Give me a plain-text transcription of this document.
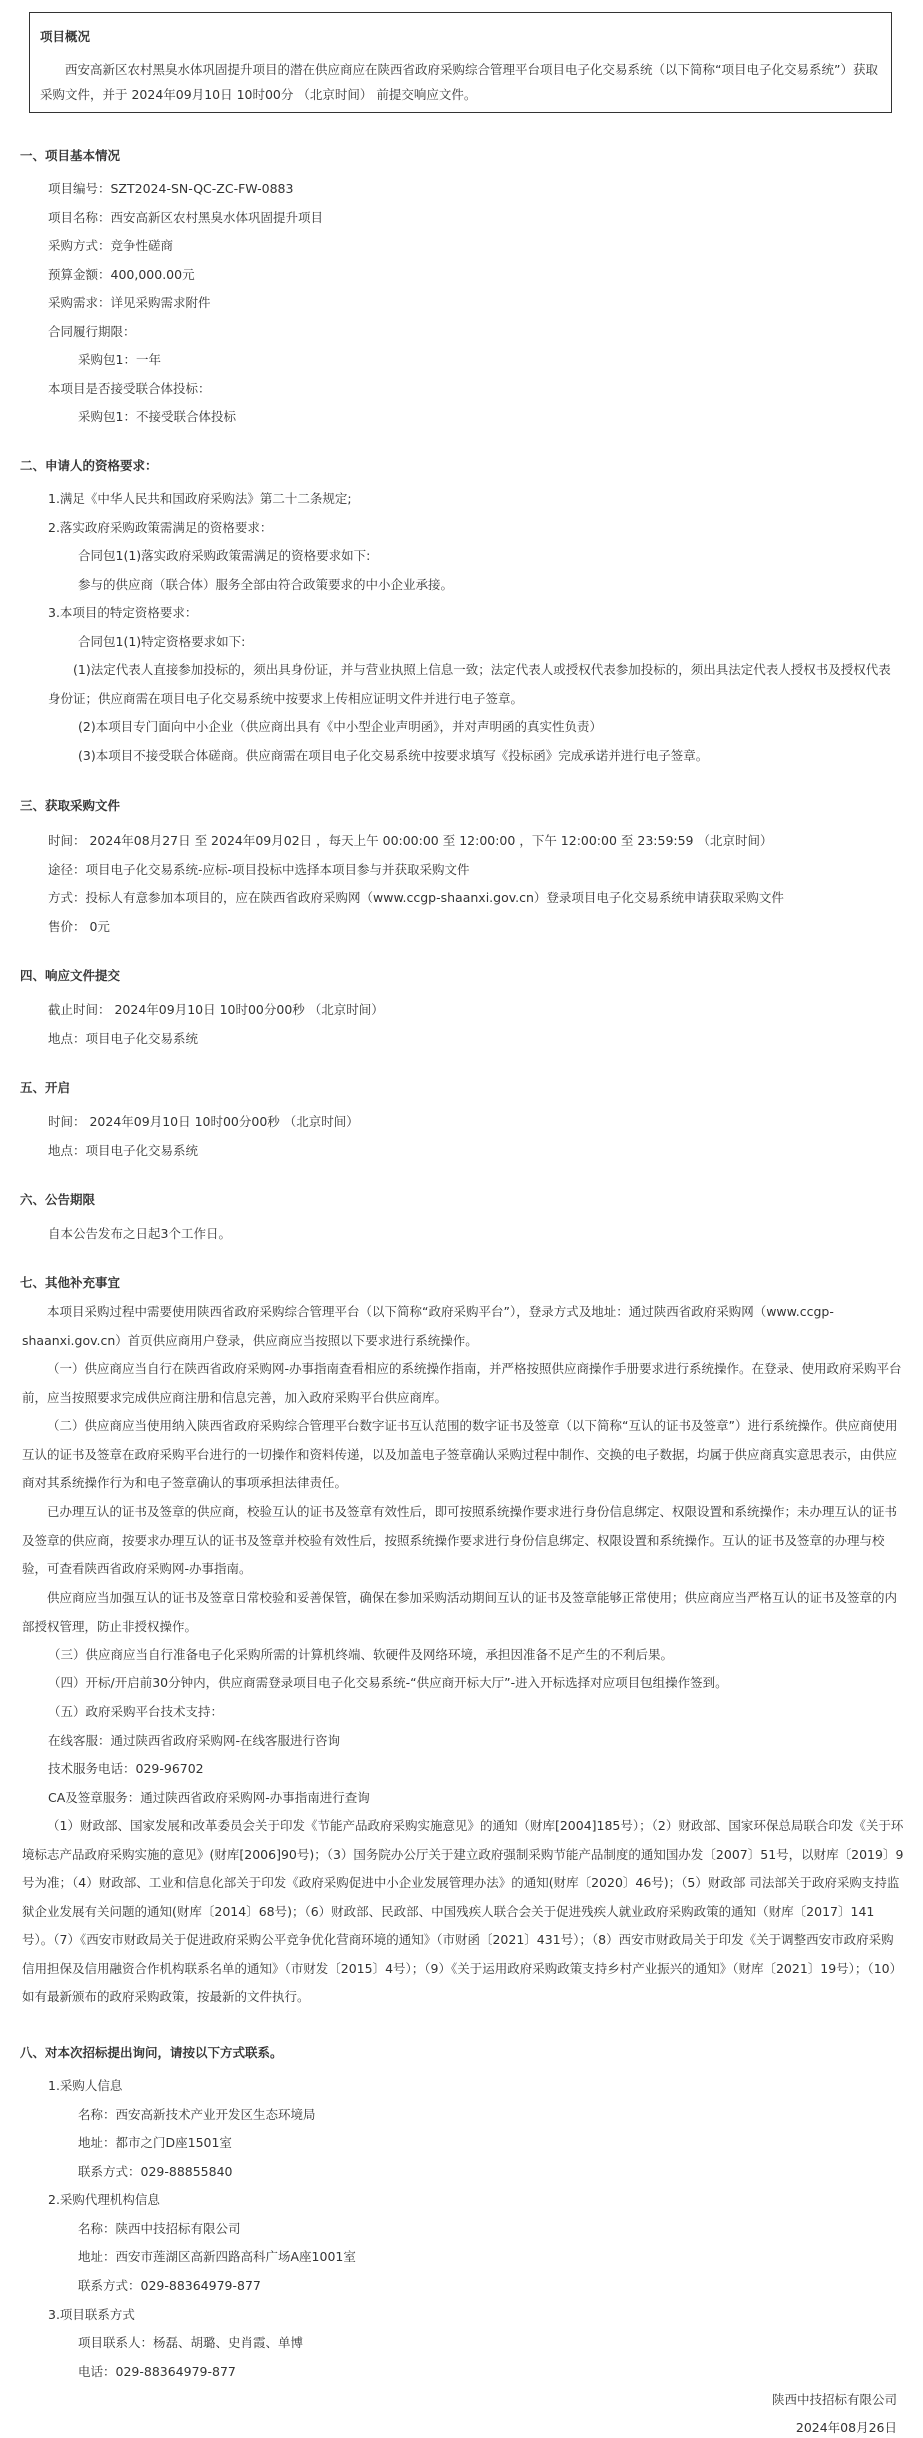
项目概况
西安高新区农村黑臭水体巩固提升项目的潜在供应商应在陕西省政府采购综合管理平台项目电子化交易系统（以下简称“项目电子化交易系统”）获取采购文件，并于 2024年09月10日 10时00分 （北京时间） 前提交响应文件。
一、项目基本情况
项目编号：SZT2024-SN-QC-ZC-FW-0883
项目名称：西安高新区农村黑臭水体巩固提升项目
采购方式：竞争性磋商
预算金额：400,000.00元
采购需求：详见采购需求附件
合同履行期限：
采购包1：一年
本项目是否接受联合体投标：
采购包1：不接受联合体投标
二、申请人的资格要求：
1.满足《中华人民共和国政府采购法》第二十二条规定;
2.落实政府采购政策需满足的资格要求：
合同包1(1)落实政府采购政策需满足的资格要求如下:
参与的供应商（联合体）服务全部由符合政策要求的中小企业承接。
3.本项目的特定资格要求：
合同包1(1)特定资格要求如下:
(1)法定代表人直接参加投标的，须出具身份证，并与营业执照上信息一致；法定代表人或授权代表参加投标的，须出具法定代表人授权书及授权代表身份证；供应商需在项目电子化交易系统中按要求上传相应证明文件并进行电子签章。
(2)本项目专门面向中小企业（供应商出具有《中小型企业声明函》，并对声明函的真实性负责）
(3)本项目不接受联合体磋商。供应商需在项目电子化交易系统中按要求填写《投标函》完成承诺并进行电子签章。
三、获取采购文件
时间： 2024年08月27日 至 2024年09月02日 ，每天上午 00:00:00 至 12:00:00 ，下午 12:00:00 至 23:59:59 （北京时间）
途径：项目电子化交易系统-应标-项目投标中选择本项目参与并获取采购文件
方式：投标人有意参加本项目的，应在陕西省政府采购网（www.ccgp-shaanxi.gov.cn）登录项目电子化交易系统申请获取采购文件
售价： 0元
四、响应文件提交
截止时间： 2024年09月10日 10时00分00秒 （北京时间）
地点：项目电子化交易系统
五、开启
时间： 2024年09月10日 10时00分00秒 （北京时间）
地点：项目电子化交易系统
六、公告期限
自本公告发布之日起3个工作日。
七、其他补充事宜
本项目采购过程中需要使用陕西省政府采购综合管理平台（以下简称“政府采购平台”），登录方式及地址：通过陕西省政府采购网（www.ccgp-shaanxi.gov.cn）首页供应商用户登录，供应商应当按照以下要求进行系统操作。
（一）供应商应当自行在陕西省政府采购网-办事指南查看相应的系统操作指南，并严格按照供应商操作手册要求进行系统操作。在登录、使用政府采购平台前，应当按照要求完成供应商注册和信息完善，加入政府采购平台供应商库。
（二）供应商应当使用纳入陕西省政府采购综合管理平台数字证书互认范围的数字证书及签章（以下简称“互认的证书及签章”）进行系统操作。供应商使用互认的证书及签章在政府采购平台进行的一切操作和资料传递，以及加盖电子签章确认采购过程中制作、交换的电子数据，均属于供应商真实意思表示，由供应商对其系统操作行为和电子签章确认的事项承担法律责任。
已办理互认的证书及签章的供应商，校验互认的证书及签章有效性后，即可按照系统操作要求进行身份信息绑定、权限设置和系统操作；未办理互认的证书及签章的供应商，按要求办理互认的证书及签章并校验有效性后，按照系统操作要求进行身份信息绑定、权限设置和系统操作。互认的证书及签章的办理与校验，可查看陕西省政府采购网-办事指南。
供应商应当加强互认的证书及签章日常校验和妥善保管，确保在参加采购活动期间互认的证书及签章能够正常使用；供应商应当严格互认的证书及签章的内部授权管理，防止非授权操作。
（三）供应商应当自行准备电子化采购所需的计算机终端、软硬件及网络环境，承担因准备不足产生的不利后果。
（四）开标/开启前30分钟内，供应商需登录项目电子化交易系统-“供应商开标大厅”-进入开标选择对应项目包组操作签到。
（五）政府采购平台技术支持：
在线客服：通过陕西省政府采购网-在线客服进行咨询
技术服务电话：029-96702
CA及签章服务：通过陕西省政府采购网-办事指南进行查询
（1）财政部、国家发展和改革委员会关于印发《节能产品政府采购实施意见》的通知（财库[2004]185号）；（2）财政部、国家环保总局联合印发《关于环境标志产品政府采购实施的意见》(财库[2006]90号)；（3）国务院办公厅关于建立政府强制采购节能产品制度的通知国办发〔2007〕51号，以财库〔2019〕9号为准；（4）财政部、工业和信息化部关于印发《政府采购促进中小企业发展管理办法》的通知(财库〔2020〕46号)；（5）财政部 司法部关于政府采购支持监狱企业发展有关问题的通知(财库〔2014〕68号)；（6）财政部、民政部、中国残疾人联合会关于促进残疾人就业政府采购政策的通知（财库〔2017〕141号）。（7）《西安市财政局关于促进政府采购公平竞争优化营商环境的通知》（市财函〔2021〕431号）；（8）西安市财政局关于印发《关于调整西安市政府采购信用担保及信用融资合作机构联系名单的通知》（市财发〔2015〕4号）；（9）《关于运用政府采购政策支持乡村产业振兴的通知》（财库〔2021〕19号）；（10）如有最新颁布的政府采购政策，按最新的文件执行。
八、对本次招标提出询问，请按以下方式联系。
1.采购人信息
名称：西安高新技术产业开发区生态环境局
地址：都市之门D座1501室
联系方式：029-88855840
2.采购代理机构信息
名称：陕西中技招标有限公司
地址：西安市莲湖区高新四路高科广场A座1001室
联系方式：029-88364979-877
3.项目联系方式
项目联系人：杨磊、胡璐、史肖霞、单博
电话：029-88364979-877
陕西中技招标有限公司
2024年08月26日
